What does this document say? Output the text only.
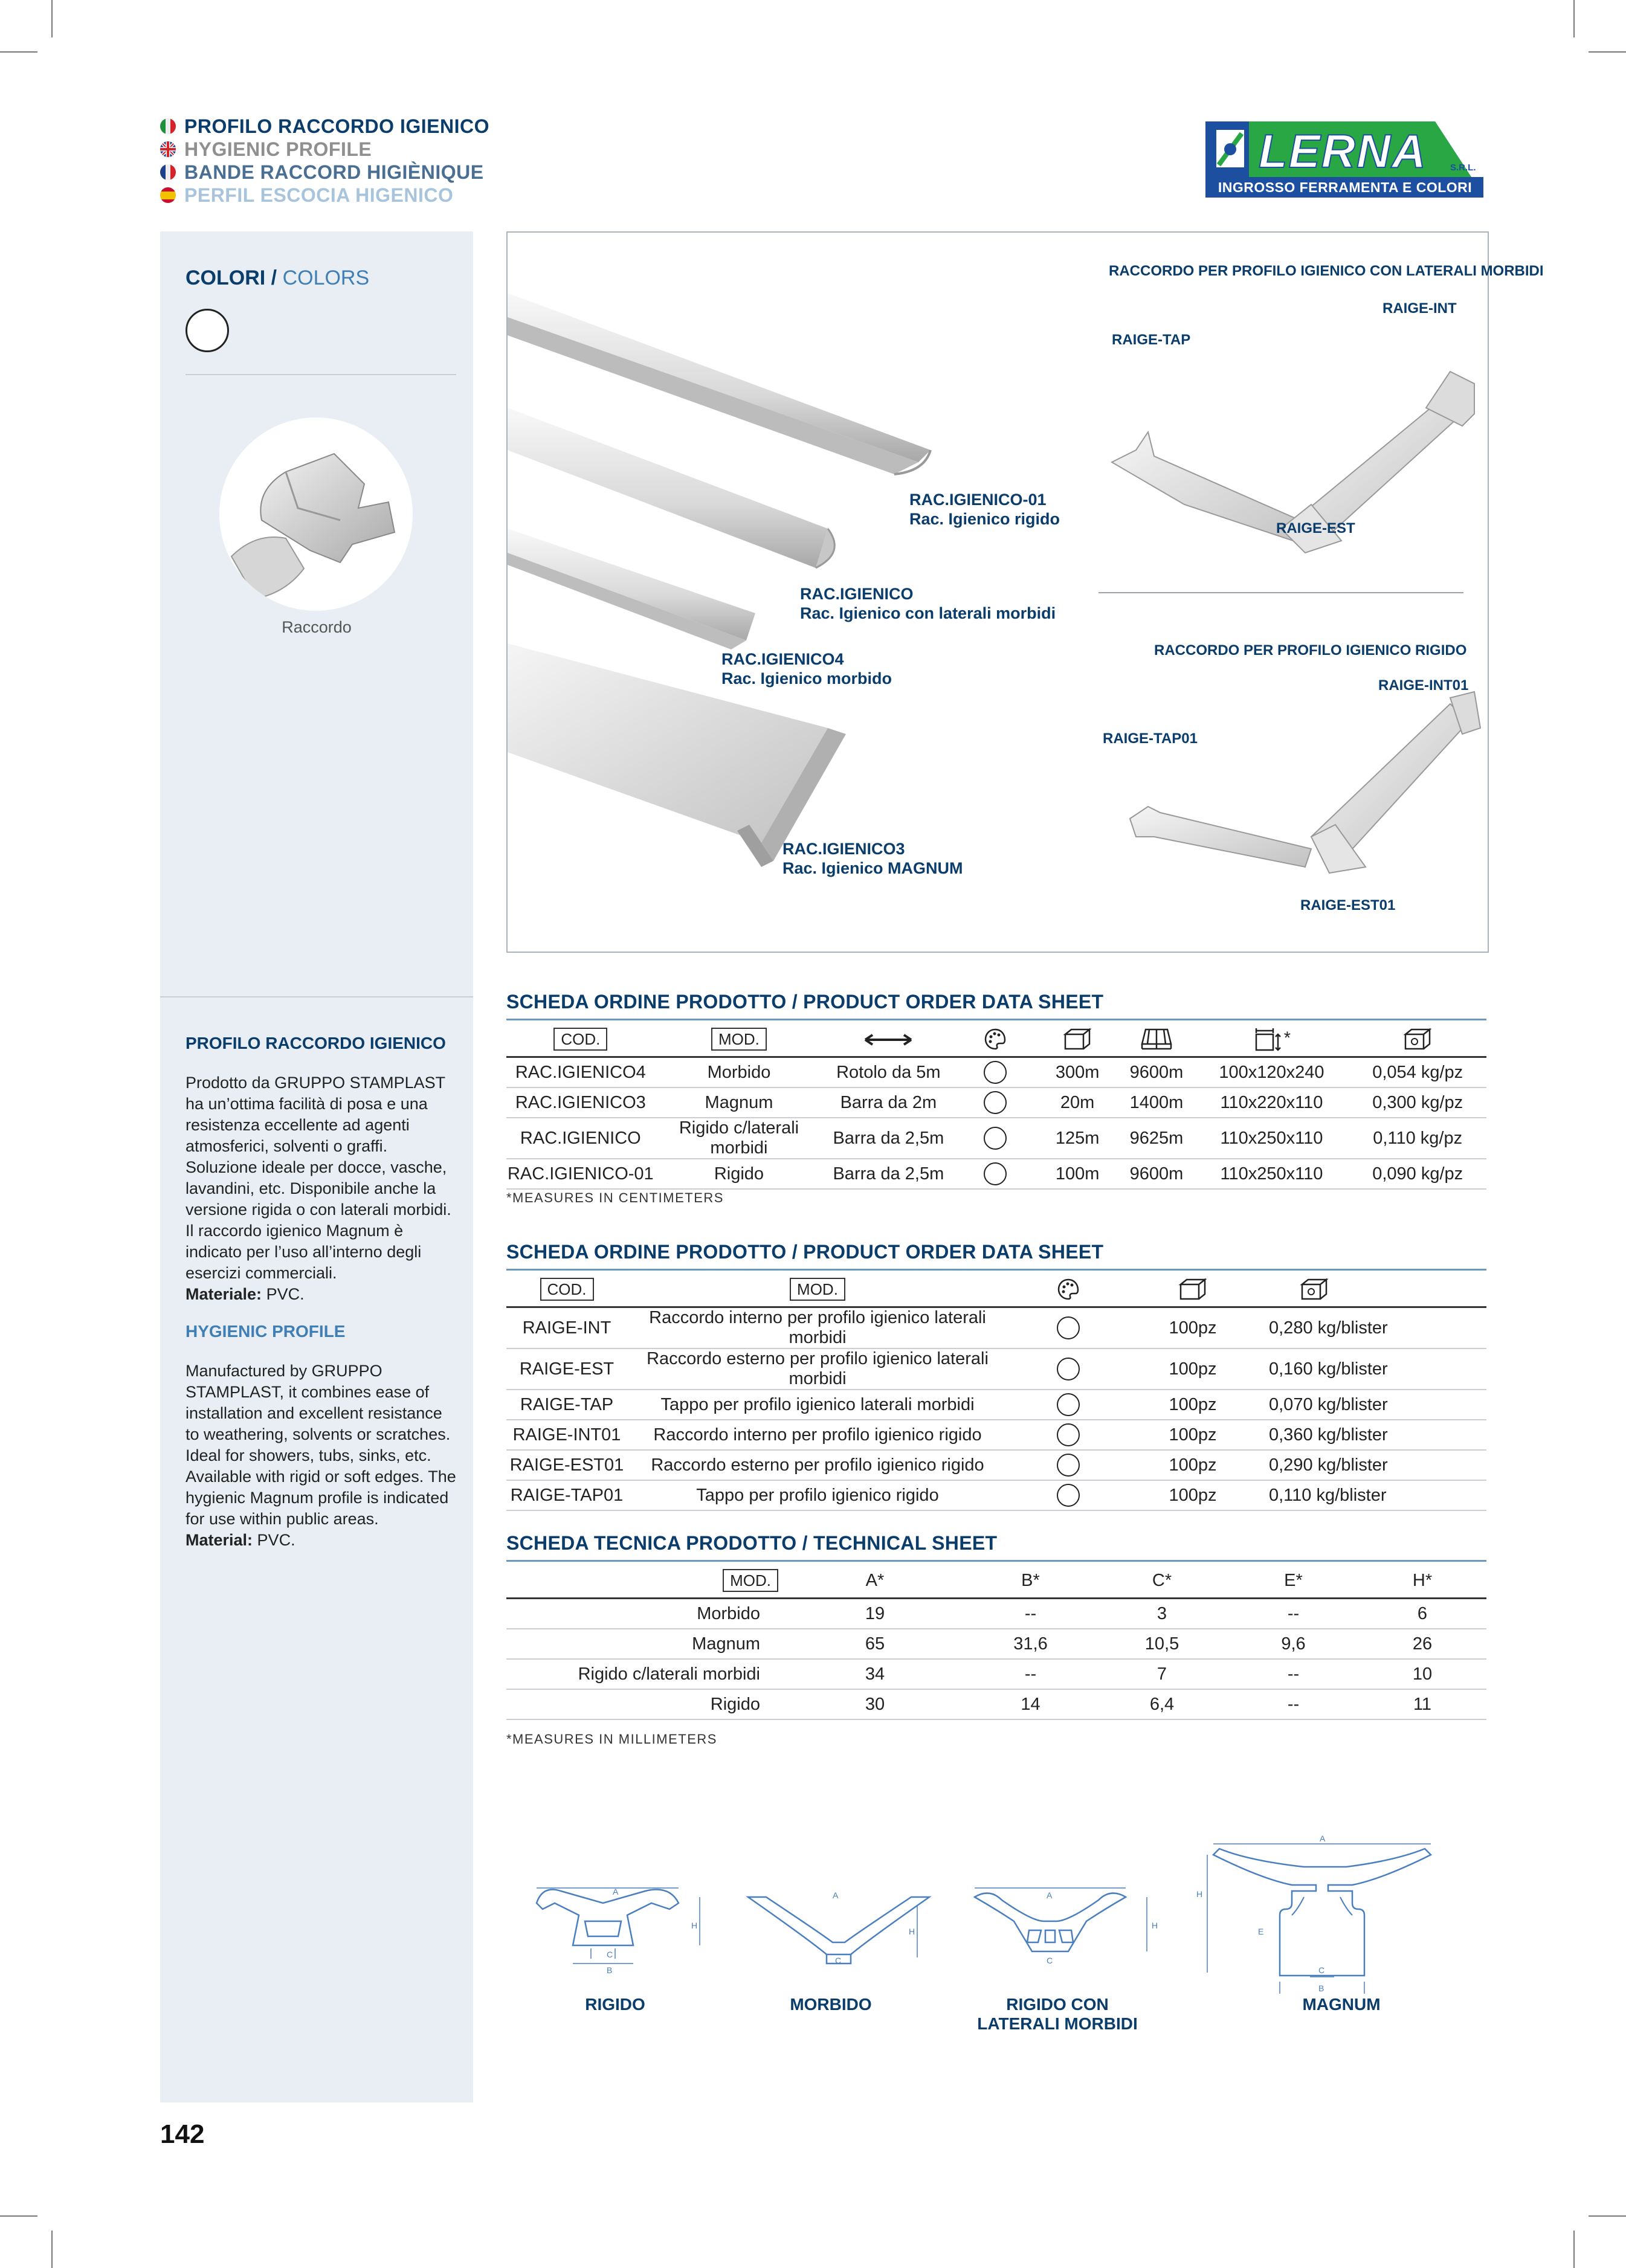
PROFILO RACCORDO IGIENICO
HYGIENIC PROFILE
BANDE RACCORD HIGIÈNIQUE
PERFIL ESCOCIA HIGENICO
LERNA	S.R.L.
INGROSSO FERRAMENTA E COLORI
COLORI / COLORS
Raccordo
PROFILO RACCORDO IGIENICO
Prodotto da GRUPPO STAMPLAST ha un’ottima facilità di posa e una resistenza eccellente ad agenti atmosferici, solventi o graffi. Soluzione ideale per docce, vasche, lavandini, etc. Disponibile anche la versione rigida o con laterali morbidi. Il raccordo igienico Magnum è indicato per l’uso all’interno degli esercizi commerciali.
Materiale: PVC.
HYGIENIC PROFILE
Manufactured by GRUPPO STAMPLAST, it combines ease of installation and excellent resistance to weathering, solvents or scratches. Ideal for showers, tubs, sinks, etc. Available with rigid or soft edges. The hygienic Magnum profile is indicated for use within public areas.
Material: PVC.
RAC.IGIENICO-01
Rac. Igienico rigido
RAC.IGIENICO
Rac. Igienico con laterali morbidi
RAC.IGIENICO4
Rac. Igienico morbido
RAC.IGIENICO3
Rac. Igienico MAGNUM
RACCORDO PER PROFILO IGIENICO CON LATERALI MORBIDI
RAIGE-INT
RAIGE-TAP
RAIGE-EST
RACCORDO PER PROFILO IGIENICO RIGIDO
RAIGE-INT01
RAIGE-TAP01
RAIGE-EST01
SCHEDA ORDINE PRODOTTO / PRODUCT ORDER DATA SHEET
COD.	MOD.					*	
RAC.IGIENICO4	Morbido	Rotolo da 5m		300m	9600m	100x120x240	0,054 kg/pz
RAC.IGIENICO3	Magnum	Barra da 2m		20m	1400m	110x220x110	0,300 kg/pz
RAC.IGIENICO	Rigido c/laterali morbidi	Barra da 2,5m		125m	9625m	110x250x110	0,110 kg/pz
RAC.IGIENICO-01	Rigido	Barra da 2,5m		100m	9600m	110x250x110	0,090 kg/pz
*MEASURES IN CENTIMETERS
SCHEDA ORDINE PRODOTTO / PRODUCT ORDER DATA SHEET
COD.	MOD.				
RAIGE-INT	Raccordo interno per profilo igienico laterali morbidi		100pz	0,280 kg/blister	
RAIGE-EST	Raccordo esterno per profilo igienico laterali morbidi		100pz	0,160 kg/blister	
RAIGE-TAP	Tappo per profilo igienico laterali morbidi		100pz	0,070 kg/blister	
RAIGE-INT01	Raccordo interno per profilo igienico rigido		100pz	0,360 kg/blister	
RAIGE-EST01	Raccordo esterno per profilo igienico rigido		100pz	0,290 kg/blister	
RAIGE-TAP01	Tappo per profilo igienico rigido		100pz	0,110 kg/blister	
SCHEDA TECNICA PRODOTTO / TECHNICAL SHEET
MOD.	A*	B*	C*	E*	H*
Morbido	19	--	3	--	6
Magnum	65	31,6	10,5	9,6	26
Rigido c/laterali morbidi	34	--	7	--	10
Rigido	30	14	6,4	--	11
*MEASURES IN MILLIMETERS
A
H
C
B
A
H
C
A
H
C
A
H
E
C
B
RIGIDO	MORBIDO	RIGIDO CON
LATERALI MORBIDI
MAGNUM
142
